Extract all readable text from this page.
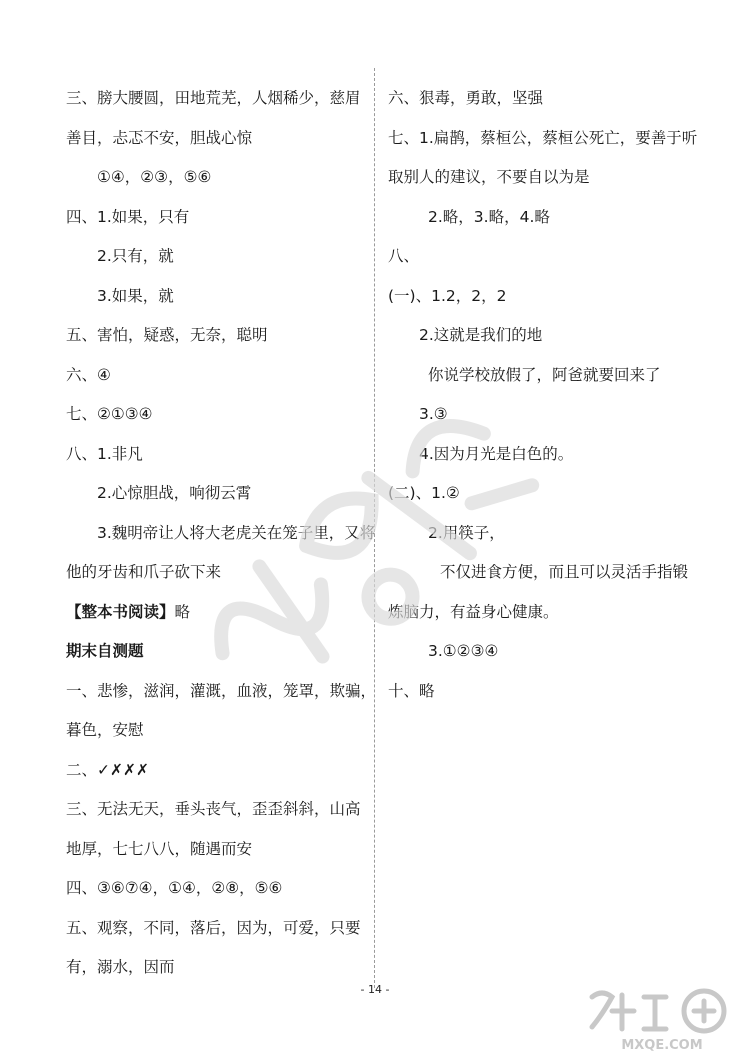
三、膀大腰圆，田地荒芜，人烟稀少，慈眉
善目，忐忑不安，胆战心惊
①④，②③，⑤⑥
四、1.如果，只有
2.只有，就
3.如果，就
五、害怕，疑惑，无奈，聪明
六、④
七、②①③④
八、1.非凡
2.心惊胆战，响彻云霄
3.魏明帝让人将大老虎关在笼子里，又将
他的牙齿和爪子砍下来
【整本书阅读】略
期末自测题
一、悲惨，滋润，灌溉，血液，笼罩，欺骗，
暮色，安慰
二、✓✗✗✗
三、无法无天，垂头丧气，歪歪斜斜，山高
地厚，七七八八，随遇而安
四、③⑥⑦④，①④，②⑧，⑤⑥
五、观察，不同，落后，因为，可爱，只要
有，溺水，因而
六、狠毒，勇敢，坚强
七、1.扁鹊，蔡桓公，蔡桓公死亡，要善于听
取别人的建议，不要自以为是
2.略，3.略，4.略
八、
(一)、1.2，2，2
2.这就是我们的地
你说学校放假了，阿爸就要回来了
3.③
4.因为月光是白色的。
(二)、1.②
2.用筷子，
不仅进食方便，而且可以灵活手指锻
炼脑力，有益身心健康。
3.①②③④
十、略
- 14 -
MXQE.COM
